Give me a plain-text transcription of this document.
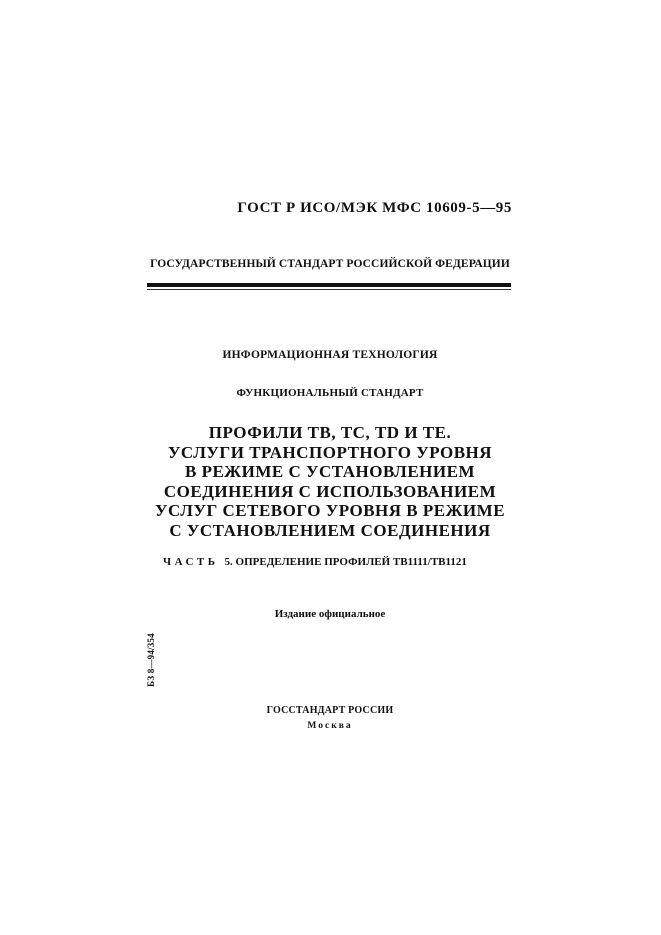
ГОСТ Р ИСО/МЭК МФС 10609-5—95
ГОСУДАРСТВЕННЫЙ СТАНДАРТ РОССИЙСКОЙ ФЕДЕРАЦИИ
ИНФОРМАЦИОННАЯ ТЕХНОЛОГИЯ
ФУНКЦИОНАЛЬНЫЙ СТАНДАРТ
ПРОФИЛИ ТВ, ТС, TD И ТЕ.
УСЛУГИ ТРАНСПОРТНОГО УРОВНЯ
В РЕЖИМЕ С УСТАНОВЛЕНИЕМ
СОЕДИНЕНИЯ С ИСПОЛЬЗОВАНИЕМ
УСЛУГ СЕТЕВОГО УРОВНЯ В РЕЖИМЕ
С УСТАНОВЛЕНИЕМ СОЕДИНЕНИЯ
ЧАСТЬ 5. ОПРЕДЕЛЕНИЕ ПРОФИЛЕЙ ТВ1111/ТВ1121
Издание официальное
БЗ 8—94/354
ГОССТАНДАРТ РОССИИ
Москва
